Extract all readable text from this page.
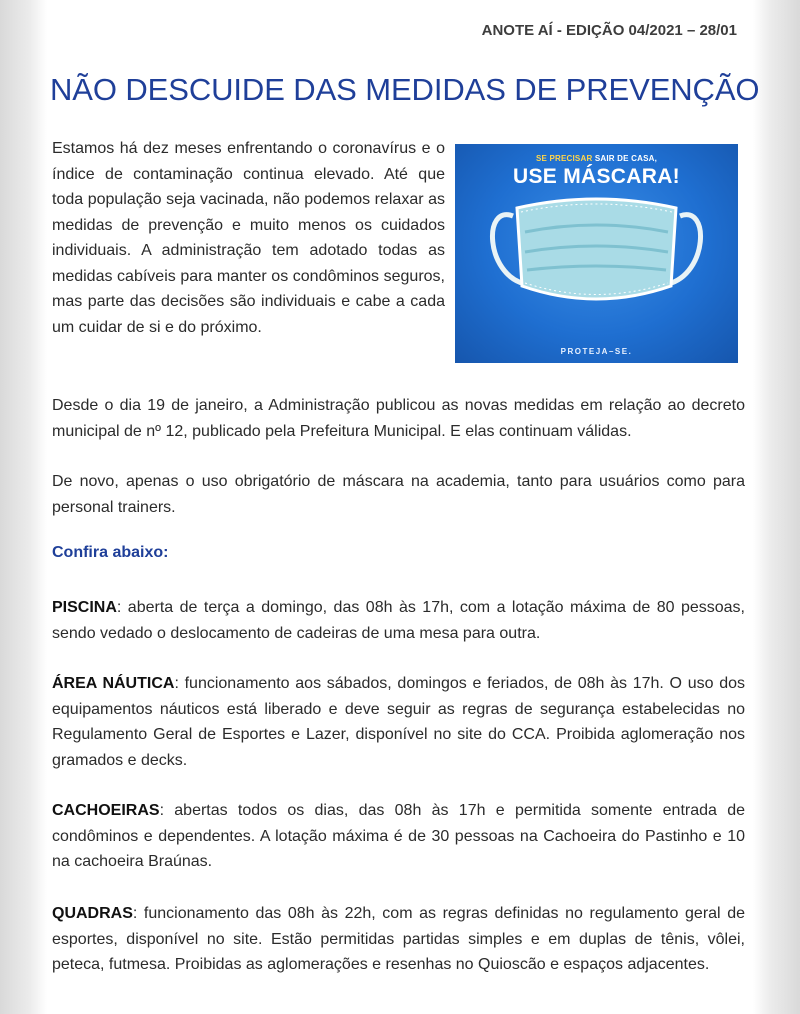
ANOTE AÍ - EDIÇÃO 04/2021 – 28/01
NÃO DESCUIDE DAS MEDIDAS DE PREVENÇÃO

Estamos há dez meses enfrentando o coronavírus e o índice de contaminação continua elevado. Até que toda população seja vacinada, não podemos relaxar as medidas de prevenção e muito menos os cuidados individuais. A administração tem adotado todas as medidas cabíveis para manter os condôminos seguros, mas parte das decisões são individuais e cabe a cada um cuidar de si e do próximo.

SE PRECISAR SAIR DE CASA,
USE MÁSCARA!
PROTEJA–SE.

Desde o dia 19 de janeiro, a Administração publicou as novas medidas em relação ao decreto municipal de nº 12, publicado pela Prefeitura Municipal. E elas continuam válidas.

De novo, apenas o uso obrigatório de máscara na academia, tanto para usuários como para personal trainers.

Confira abaixo:

PISCINA: aberta de terça a domingo, das 08h às 17h, com a lotação máxima de 80 pessoas, sendo vedado o deslocamento de cadeiras de uma mesa para outra.

ÁREA NÁUTICA: funcionamento aos sábados, domingos e feriados, de 08h às 17h. O uso dos equipamentos náuticos está liberado e deve seguir as regras de segurança estabelecidas no Regulamento Geral de Esportes e Lazer, disponível no site do CCA. Proibida aglomeração nos gramados e decks.

CACHOEIRAS: abertas todos os dias, das 08h às 17h e permitida somente entrada de condôminos e dependentes. A lotação máxima é de 30 pessoas na Cachoeira do Pastinho e 10 na cachoeira Braúnas.

QUADRAS: funcionamento das 08h às 22h, com as regras definidas no regulamento geral de esportes, disponível no site. Estão permitidas partidas simples e em duplas de tênis, vôlei, peteca, futmesa. Proibidas as aglomerações e resenhas no Quioscão e espaços adjacentes.
